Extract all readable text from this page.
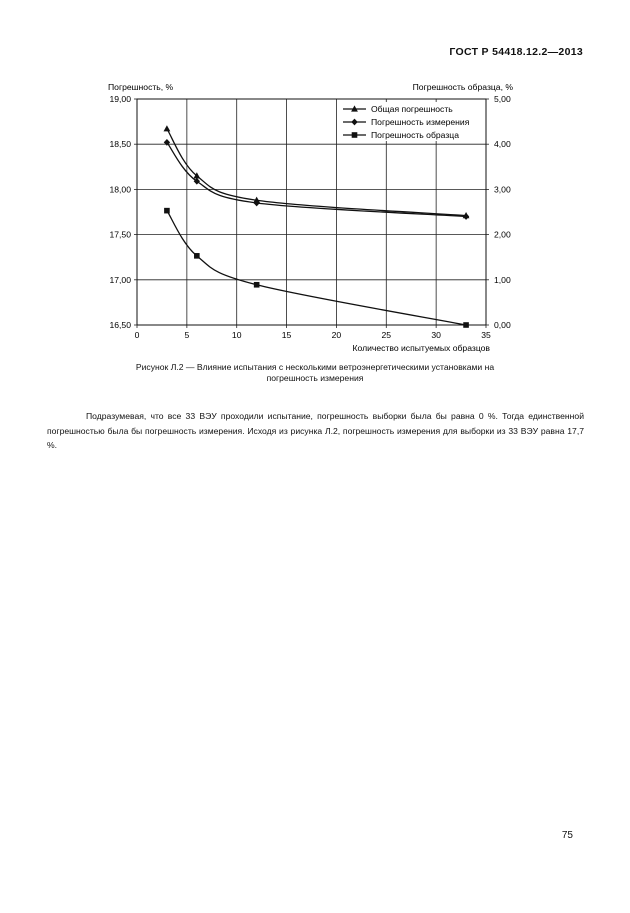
ГОСТ Р 54418.12.2—2013
Погрешность, %	Погрешность образца, %
0	5	10	15	20	25	30	35
16,50	0,00
17,00	1,00
17,50	2,00
18,00	3,00
18,50	4,00
19,00	5,00
Общая погрешность
Погрешность измерения
Погрешность образца
Количество испытуемых образцов
Рисунок Л.2 — Влияние испытания с несколькими ветроэнергетическими установками на
погрешность измерения
Подразумевая, что все 33 ВЭУ проходили испытание, погрешность выборки была бы равна 0 %. Тогда единственной погрешностью была бы погрешность измерения. Исходя из рисунка Л.2, погрешность измерения для выборки из 33 ВЭУ равна 17,7 %.
75
